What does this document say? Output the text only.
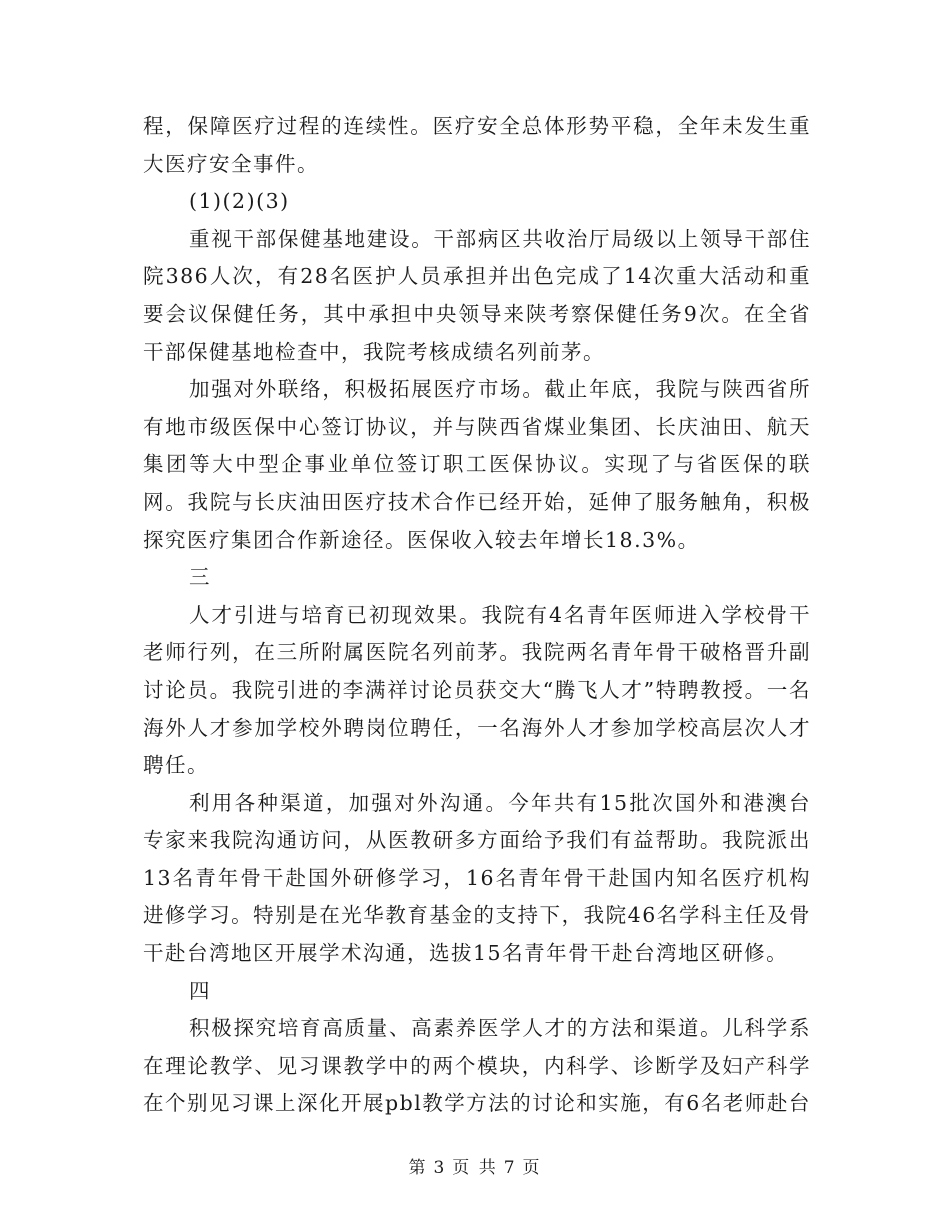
程，保障医疗过程的连续性。医疗安全总体形势平稳，全年未发生重大医疗安全事件。

(1)(2)(3)

重视干部保健基地建设。干部病区共收治厅局级以上领导干部住院386人次，有28名医护人员承担并出色完成了14次重大活动和重要会议保健任务，其中承担中央领导来陕考察保健任务9次。在全省干部保健基地检查中，我院考核成绩名列前茅。

加强对外联络，积极拓展医疗市场。截止年底，我院与陕西省所有地市级医保中心签订协议，并与陕西省煤业集团、长庆油田、航天集团等大中型企事业单位签订职工医保协议。实现了与省医保的联网。我院与长庆油田医疗技术合作已经开始，延伸了服务触角，积极探究医疗集团合作新途径。医保收入较去年增长18.3%。

三

人才引进与培育已初现效果。我院有4名青年医师进入学校骨干老师行列，在三所附属医院名列前茅。我院两名青年骨干破格晋升副讨论员。我院引进的李满祥讨论员获交大“腾飞人才”特聘教授。一名海外人才参加学校外聘岗位聘任，一名海外人才参加学校高层次人才聘任。

利用各种渠道，加强对外沟通。今年共有15批次国外和港澳台专家来我院沟通访问，从医教研多方面给予我们有益帮助。我院派出13名青年骨干赴国外研修学习，16名青年骨干赴国内知名医疗机构进修学习。特别是在光华教育基金的支持下，我院46名学科主任及骨干赴台湾地区开展学术沟通，选拔15名青年骨干赴台湾地区研修。

四

积极探究培育高质量、高素养医学人才的方法和渠道。儿科学系在理论教学、见习课教学中的两个模块，内科学、诊断学及妇产科学在个别见习课上深化开展pbl教学方法的讨论和实施，有6名老师赴台

第 3 页 共 7 页
